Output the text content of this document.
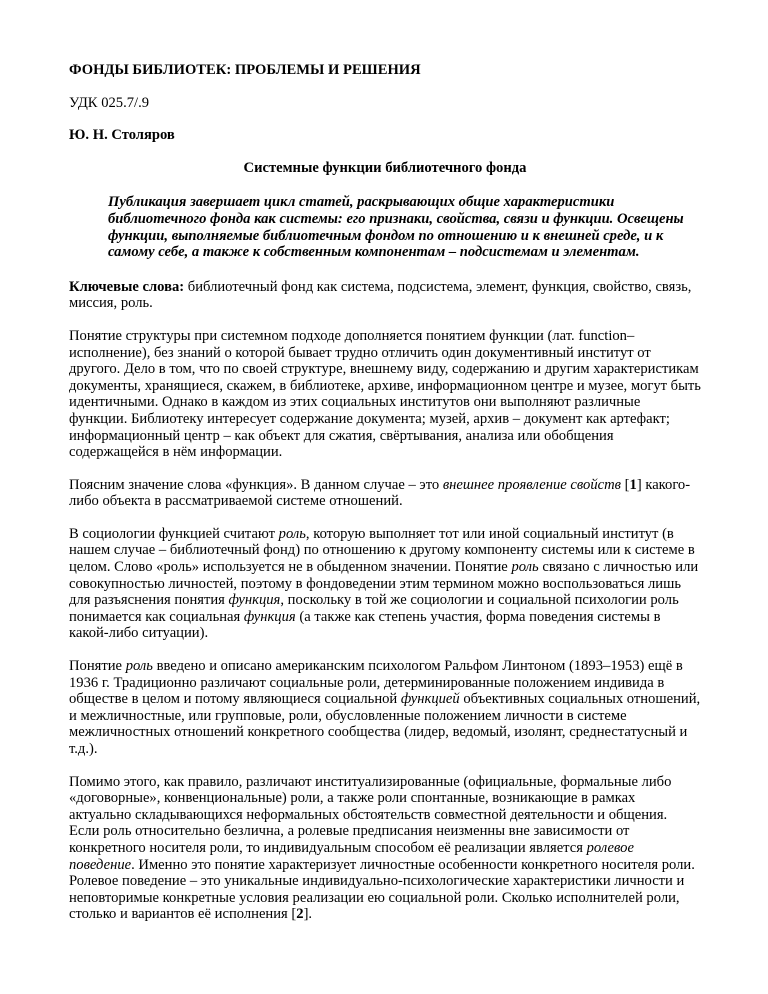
ФОНДЫ БИБЛИОТЕК: ПРОБЛЕМЫ И РЕШЕНИЯ
УДК 025.7/.9
Ю. Н. Столяров
Системные функции библиотечного фонда
Публикация завершает цикл статей, раскрывающих общие характеристики библиотечного фонда как системы: его признаки, свойства, связи и функции. Освещены функции, выполняемые библиотечным фондом по отношению и к внешней среде, и к самому себе, а также к собственным компонентам – подсистемам и элементам.
Ключевые слова: библиотечный фонд как система, подсистема, элемент, функция, свойство, связь, миссия, роль.

Понятие структуры при системном подходе дополняется понятием функции (лат. function– исполнение), без знаний о которой бывает трудно отличить один документивный институт от другого. Дело в том, что по своей структуре, внешнему виду, содержанию и другим характеристикам документы, хранящиеся, скажем, в библиотеке, архиве, информационном центре и музее, могут быть идентичными. Однако в каждом из этих социальных институтов они выполняют различные функции. Библиотеку интересует содержание документа; музей, архив – документ как артефакт; информационный центр – как объект для сжатия, свёртывания, анализа или обобщения содержащейся в нём информации.

Поясним значение слова «функция». В данном случае – это внешнее проявление свойств [1] какого-либо объекта в рассматриваемой системе отношений.

В социологии функцией считают роль, которую выполняет тот или иной социальный институт (в нашем случае – библиотечный фонд) по отношению к другому компоненту системы или к системе в целом. Слово «роль» используется не в обыденном значении. Понятие роль связано с личностью или совокупностью личностей, поэтому в фондоведении этим термином можно воспользоваться лишь для разъяснения понятия функция, поскольку в той же социологии и социальной психологии роль понимается как социальная функция (а также как степень участия, форма поведения системы в какой-либо ситуации).

Понятие роль введено и описано американским психологом Ральфом Линтоном (1893–1953) ещё в 1936 г. Традиционно различают социальные роли, детерминированные положением индивида в обществе в целом и потому являющиеся социальной функцией объективных социальных отношений, и межличностные, или групповые, роли, обусловленные положением личности в системе межличностных отношений конкретного сообщества (лидер, ведомый, изолянт, среднестатусный и т.д.).

Помимо этого, как правило, различают институализированные (официальные, формальные либо «договорные», конвенциональные) роли, а также роли спонтанные, возникающие в рамках актуально складывающихся неформальных обстоятельств совместной деятельности и общения. Если роль относительно безлична, а ролевые предписания неизменны вне зависимости от конкретного носителя роли, то индивидуальным способом её реализации является ролевое поведение. Именно это понятие характеризует личностные особенности конкретного носителя роли. Ролевое поведение – это уникальные индивидуально-психологические характеристики личности и неповторимые конкретные условия реализации ею социальной роли. Сколько исполнителей роли, столько и вариантов её исполнения [2].
